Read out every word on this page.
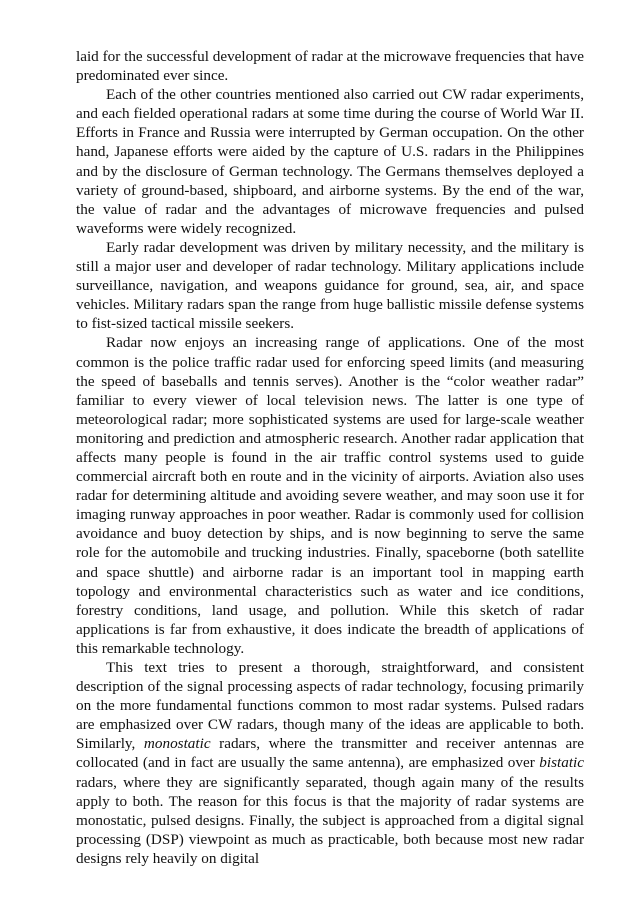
laid for the successful development of radar at the microwave frequencies that have predominated ever since.

Each of the other countries mentioned also carried out CW radar experiments, and each fielded operational radars at some time during the course of World War II. Efforts in France and Russia were interrupted by German occupation. On the other hand, Japanese efforts were aided by the capture of U.S. radars in the Philippines and by the disclosure of German technology. The Germans themselves deployed a variety of ground-based, shipboard, and airborne systems. By the end of the war, the value of radar and the advantages of microwave frequencies and pulsed waveforms were widely recognized.

Early radar development was driven by military necessity, and the military is still a major user and developer of radar technology. Military applications include surveillance, navigation, and weapons guidance for ground, sea, air, and space vehicles. Military radars span the range from huge ballistic missile defense systems to fist-sized tactical missile seekers.

Radar now enjoys an increasing range of applications. One of the most common is the police traffic radar used for enforcing speed limits (and measuring the speed of baseballs and tennis serves). Another is the “color weather radar” familiar to every viewer of local television news. The latter is one type of meteorological radar; more sophisticated systems are used for large-scale weather monitoring and prediction and atmospheric research. Another radar application that affects many people is found in the air traffic control systems used to guide commercial aircraft both en route and in the vicinity of airports. Aviation also uses radar for determining altitude and avoiding severe weather, and may soon use it for imaging runway approaches in poor weather. Radar is commonly used for collision avoidance and buoy detection by ships, and is now beginning to serve the same role for the automobile and trucking industries. Finally, spaceborne (both satellite and space shuttle) and airborne radar is an important tool in mapping earth topology and environmental characteristics such as water and ice conditions, forestry conditions, land usage, and pollution. While this sketch of radar applications is far from exhaustive, it does indicate the breadth of applications of this remarkable technology.

This text tries to present a thorough, straightforward, and consistent description of the signal processing aspects of radar technology, focusing primarily on the more fundamental functions common to most radar systems. Pulsed radars are emphasized over CW radars, though many of the ideas are applicable to both. Similarly, monostatic radars, where the transmitter and receiver antennas are collocated (and in fact are usually the same antenna), are emphasized over bistatic radars, where they are significantly separated, though again many of the results apply to both. The reason for this focus is that the majority of radar systems are monostatic, pulsed designs. Finally, the subject is approached from a digital signal processing (DSP) viewpoint as much as practicable, both because most new radar designs rely heavily on digital
